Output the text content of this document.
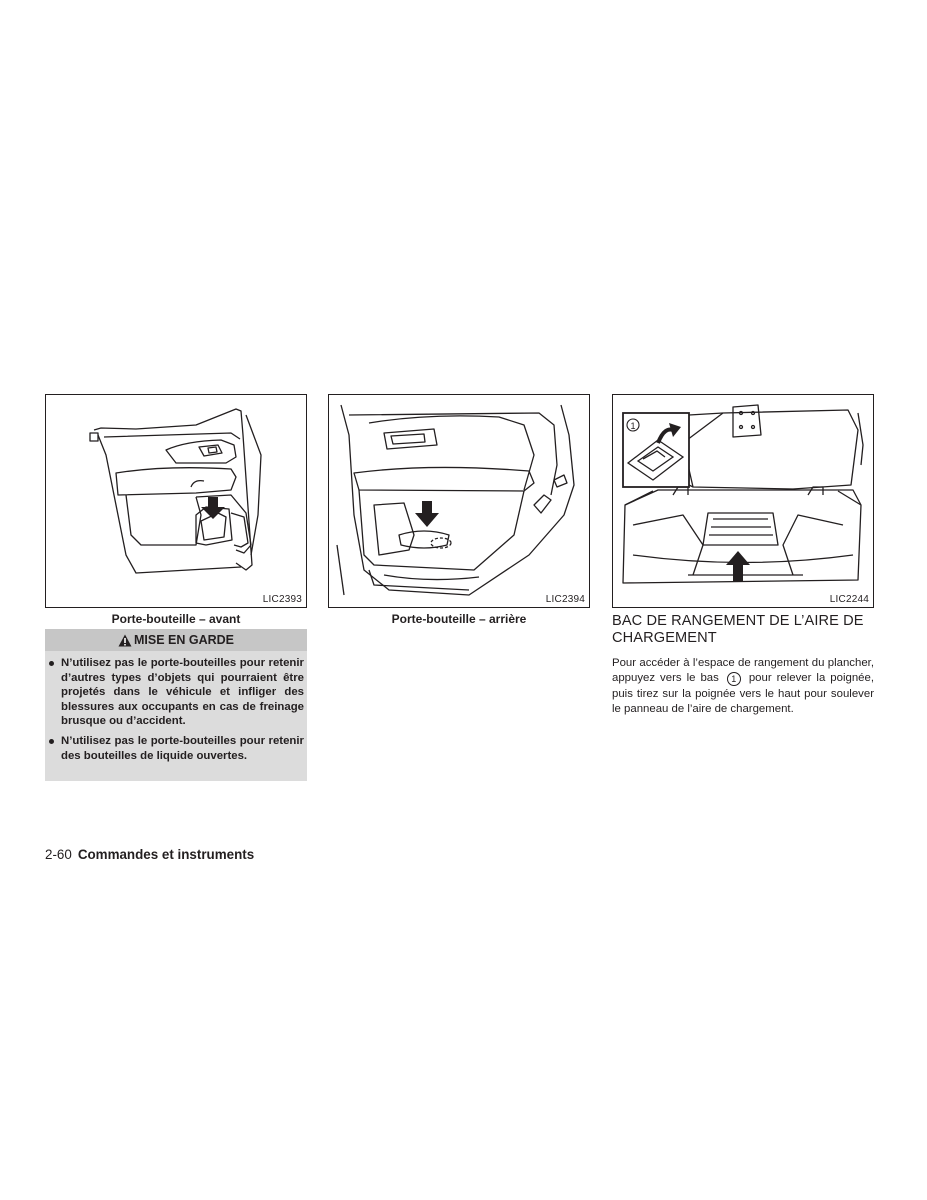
LIC2393
Porte-bouteille – avant
LIC2394
Porte-bouteille – arrière
1
LIC2244
MISE EN GARDE
N’utilisez pas le porte-bouteilles pour retenir d’autres types d’objets qui pourraient être projetés dans le véhicule et infliger des blessures aux occupants en cas de freinage brusque ou d’accident.
N’utilisez pas le porte-bouteilles pour retenir des bouteilles de liquide ouvertes.
BAC DE RANGEMENT DE L’AIRE DE CHARGEMENT
Pour accéder à l’espace de rangement du plancher, appuyez vers le bas 1 pour relever la poignée, puis tirez sur la poignée vers le haut pour soulever le panneau de l’aire de chargement.
2-60 Commandes et instruments
